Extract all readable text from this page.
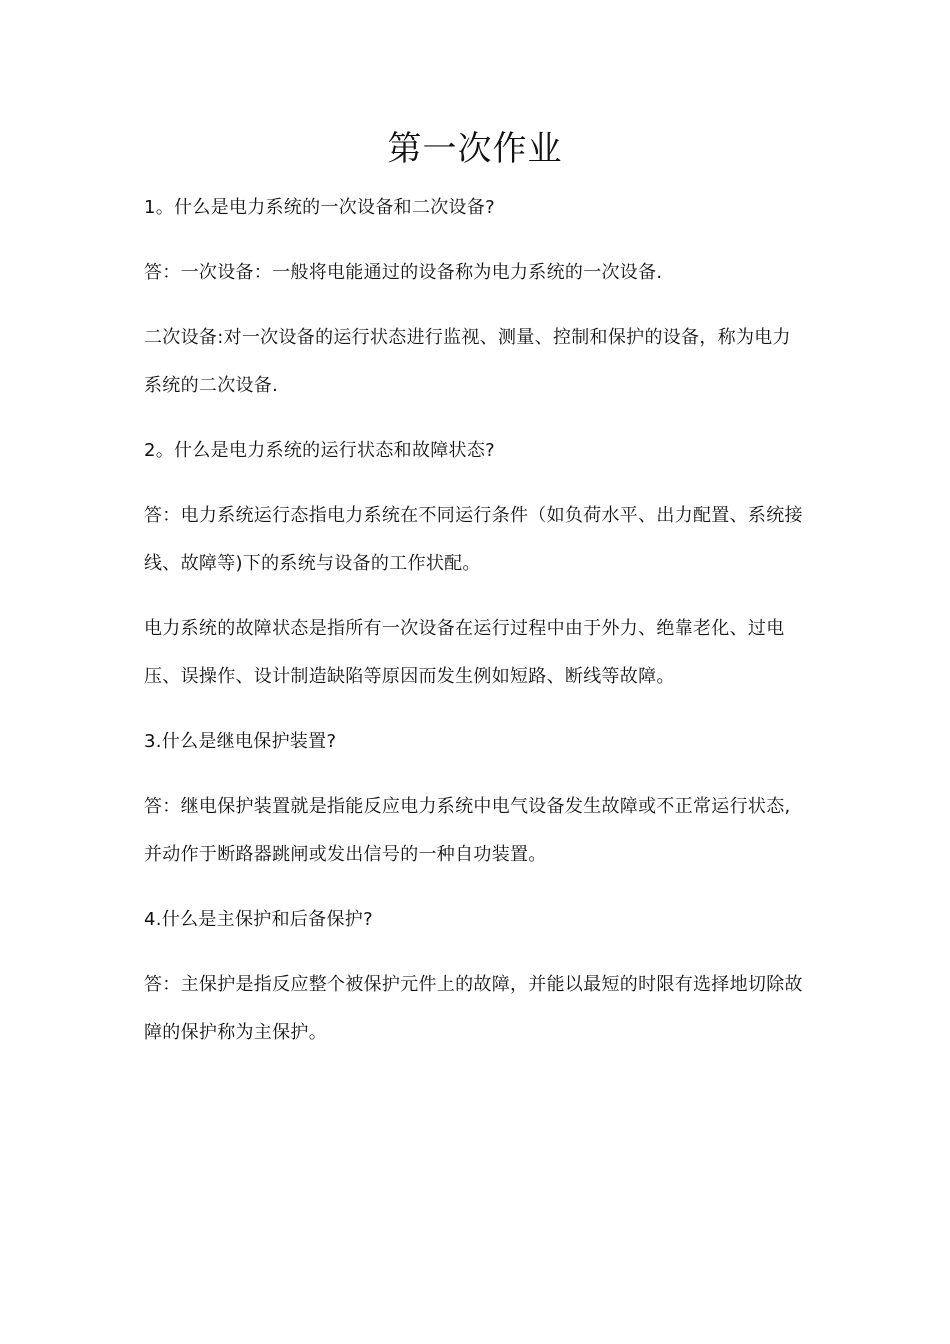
第一次作业

1。什么是电力系统的一次设备和二次设备?

答：一次设备：一般将电能通过的设备称为电力系统的一次设备.

二次设备:对一次设备的运行状态进行监视、测量、控制和保护的设备，称为电力系统的二次设备.

2。什么是电力系统的运行状态和故障状态?

答：电力系统运行态指电力系统在不同运行条件（如负荷水平、出力配置、系统接线、故障等)下的系统与设备的工作状配。

电力系统的故障状态是指所有一次设备在运行过程中由于外力、绝靠老化、过电压、误操作、设计制造缺陷等原因而发生例如短路、断线等故障。

3.什么是继电保护装置?

答：继电保护装置就是指能反应电力系统中电气设备发生故障或不正常运行状态,并动作于断路器跳闸或发出信号的一种自功装置。

4.什么是主保护和后备保护?

答：主保护是指反应整个被保护元件上的故障，并能以最短的时限有选择地切除故障的保护称为主保护。
